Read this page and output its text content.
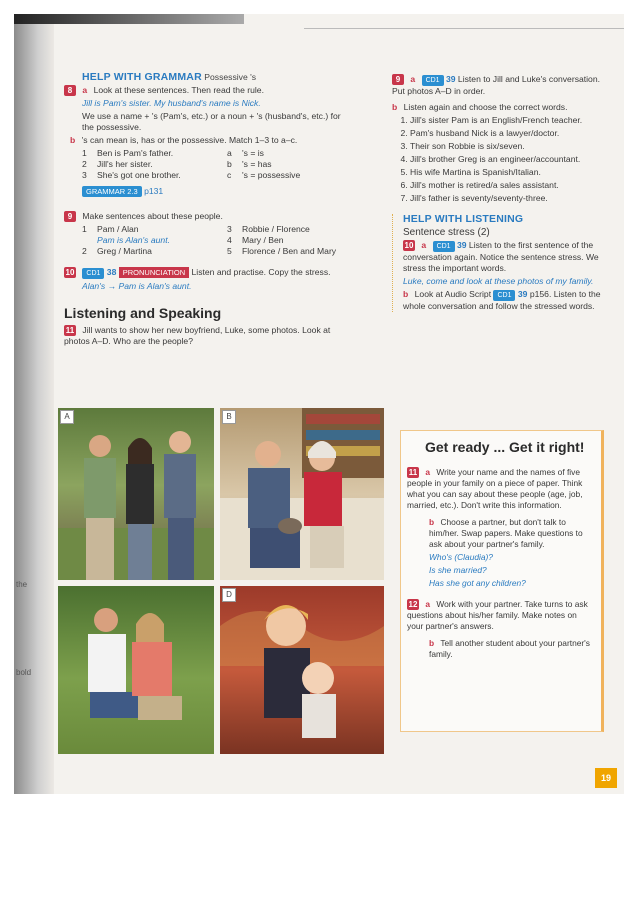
the
bold
HELP WITH GRAMMAR Possessive 's
8 a Look at these sentences. Then read the rule.
Jill is Pam's sister. My husband's name is Nick.
We use a name + 's (Pam's, etc.) or a noun + 's (husband's, etc.) for the possessive.
b 's can mean is, has or the possessive. Match 1–3 to a–c.
1	Ben is Pam's father.	a	's = is
2	Jill's her sister.	b	's = has
3	She's got one brother.	c	's = possessive
GRAMMAR 2.3 p131
9 Make sentences about these people.
1	Pam / Alan	3	Robbie / Florence
Pam is Alan's aunt.	4	Mary / Ben
2	Greg / Martina	5	Florence / Ben and Mary
10 CD1 38 PRONUNCIATION Listen and practise. Copy the stress.
Alan's → Pam is Alan's aunt.
Listening and Speaking
11 Jill wants to show her new boyfriend, Luke, some photos. Look at photos A–D. Who are the people?
A	B
D
9 a CD1 39 Listen to Jill and Luke's conversation. Put photos A–D in order.
b Listen again and choose the correct words.
1. Jill's sister Pam is an English/French teacher.
2. Pam's husband Nick is a lawyer/doctor.
3. Their son Robbie is six/seven.
4. Jill's brother Greg is an engineer/accountant.
5. His wife Martina is Spanish/Italian.
6. Jill's mother is retired/a sales assistant.
7. Jill's father is seventy/seventy-three.
HELP WITH LISTENING
Sentence stress (2)
10 a CD1 39 Listen to the first sentence of the conversation again. Notice the sentence stress. We stress the important words.
Luke, come and look at these photos of my family.
b Look at Audio Script CD1 39 p156. Listen to the whole conversation and follow the stressed words.
Get ready ... Get it right!
11 a Write your name and the names of five people in your family on a piece of paper. Think what you can say about these people (age, job, married, etc.). Don't write this information.
b Choose a partner, but don't talk to him/her. Swap papers. Make questions to ask about your partner's family.
Who's (Claudia)?
Is she married?
Has she got any children?
12 a Work with your partner. Take turns to ask questions about his/her family. Make notes on your partner's answers.
b Tell another student about your partner's family.
19
